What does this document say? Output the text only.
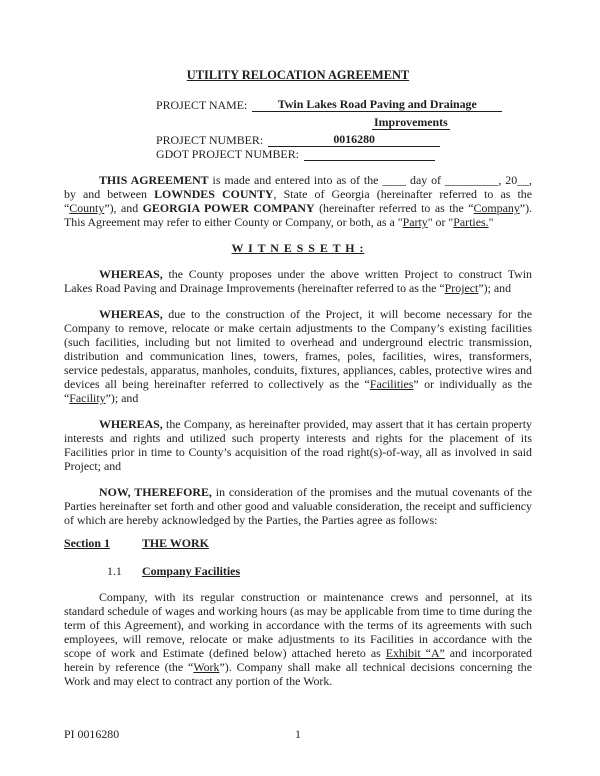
UTILITY RELOCATION AGREEMENT
PROJECT NAME:	Twin Lakes Road Paving and Drainage
Improvements
PROJECT NUMBER:	0016280
GDOT PROJECT NUMBER:

THIS AGREEMENT is made and entered into as of the ____ day of _________, 20__, by and between LOWNDES COUNTY, State of Georgia (hereinafter referred to as the “County”), and GEORGIA POWER COMPANY (hereinafter referred to as the “Company”). This Agreement may refer to either County or Company, or both, as a "Party" or "Parties."

W I T N E S S E T H :

WHEREAS, the County proposes under the above written Project to construct Twin Lakes Road Paving and Drainage Improvements (hereinafter referred to as the “Project”); and

WHEREAS, due to the construction of the Project, it will become necessary for the Company to remove, relocate or make certain adjustments to the Company’s existing facilities (such facilities, including but not limited to overhead and underground electric transmission, distribution and communication lines, towers, frames, poles, facilities, wires, transformers, service pedestals, apparatus, manholes, conduits, fixtures, appliances, cables, protective wires and devices all being hereinafter referred to collectively as the “Facilities” or individually as the “Facility”); and

WHEREAS, the Company, as hereinafter provided, may assert that it has certain property interests and rights and utilized such property interests and rights for the placement of its Facilities prior in time to County’s acquisition of the road right(s)-of-way, all as involved in said Project; and

NOW, THEREFORE, in consideration of the promises and the mutual covenants of the Parties hereinafter set forth and other good and valuable consideration, the receipt and sufficiency of which are hereby acknowledged by the Parties, the Parties agree as follows:

Section 1	THE WORK
1.1	Company Facilities

Company, with its regular construction or maintenance crews and personnel, at its standard schedule of wages and working hours (as may be applicable from time to time during the term of this Agreement), and working in accordance with the terms of its agreements with such employees, will remove, relocate or make adjustments to its Facilities in accordance with the scope of work and Estimate (defined below) attached hereto as Exhibit “A” and incorporated herein by reference (the “Work”). Company shall make all technical decisions concerning the Work and may elect to contract any portion of the Work.

PI 0016280	1
